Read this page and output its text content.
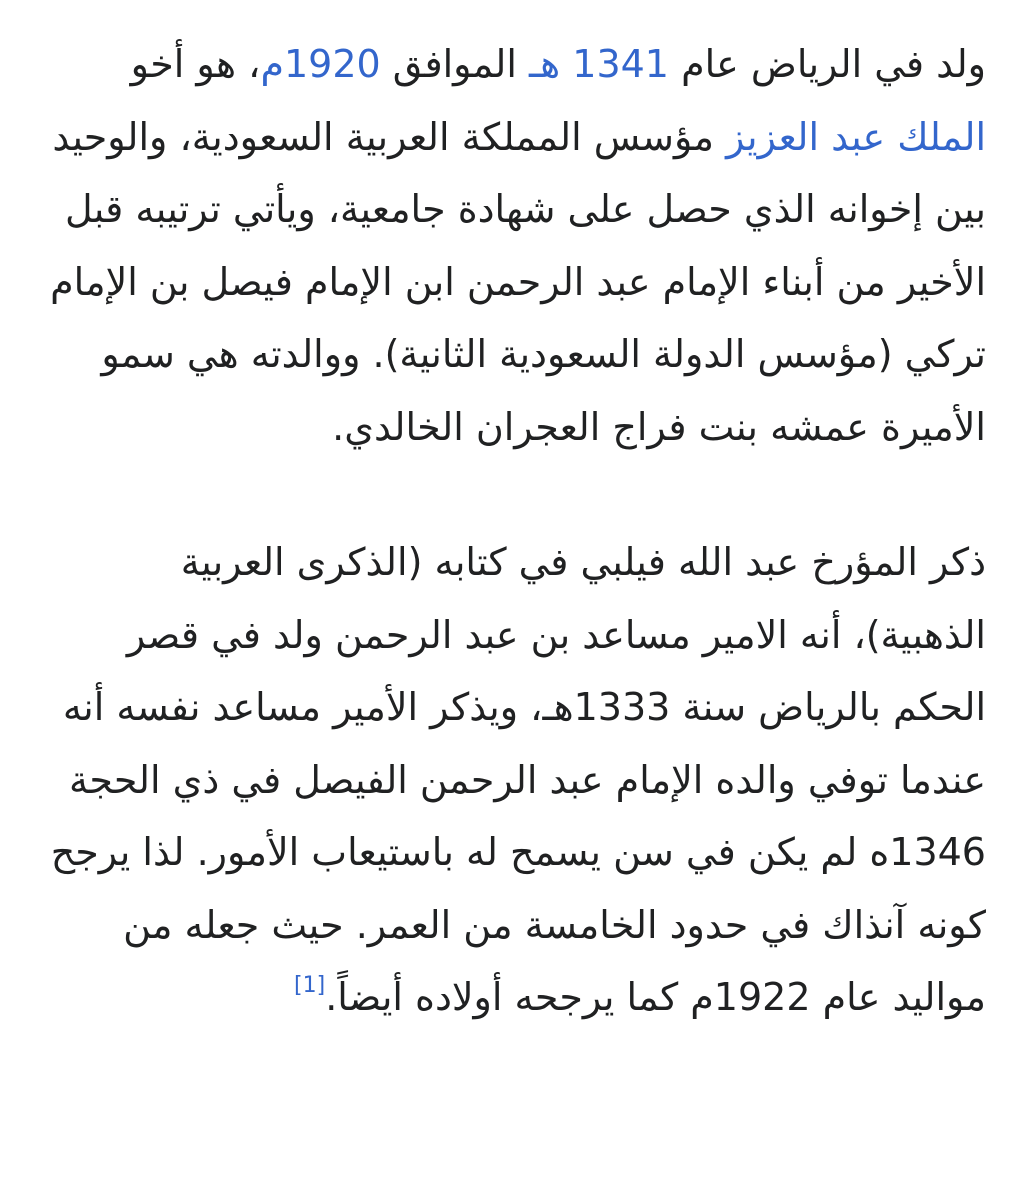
ولد في الرياض عام 1341 هـ الموافق 1920م، هو أخو الملك عبد العزيز مؤسس المملكة العربية السعودية، والوحيد بين إخوانه الذي حصل على شهادة جامعية، ويأتي ترتيبه قبل الأخير من أبناء الإمام عبد الرحمن ابن الإمام فيصل بن الإمام تركي (مؤسس الدولة السعودية الثانية). ووالدته هي سمو الأميرة عمشه بنت فراج العجران الخالدي.

ذكر المؤرخ عبد الله فيلبي في كتابه (الذكرى العربية الذهبية)، أنه الامير مساعد بن عبد الرحمن ولد في قصر الحكم بالرياض سنة 1333هـ، ويذكر الأمير مساعد نفسه أنه عندما توفي والده الإمام عبد الرحمن الفيصل في ذي الحجة 1346ه لم يكن في سن يسمح له باستيعاب الأمور. لذا يرجح كونه آنذاك في حدود الخامسة من العمر. حيث جعله من مواليد عام 1922م كما يرجحه أولاده أيضاً.[1]
